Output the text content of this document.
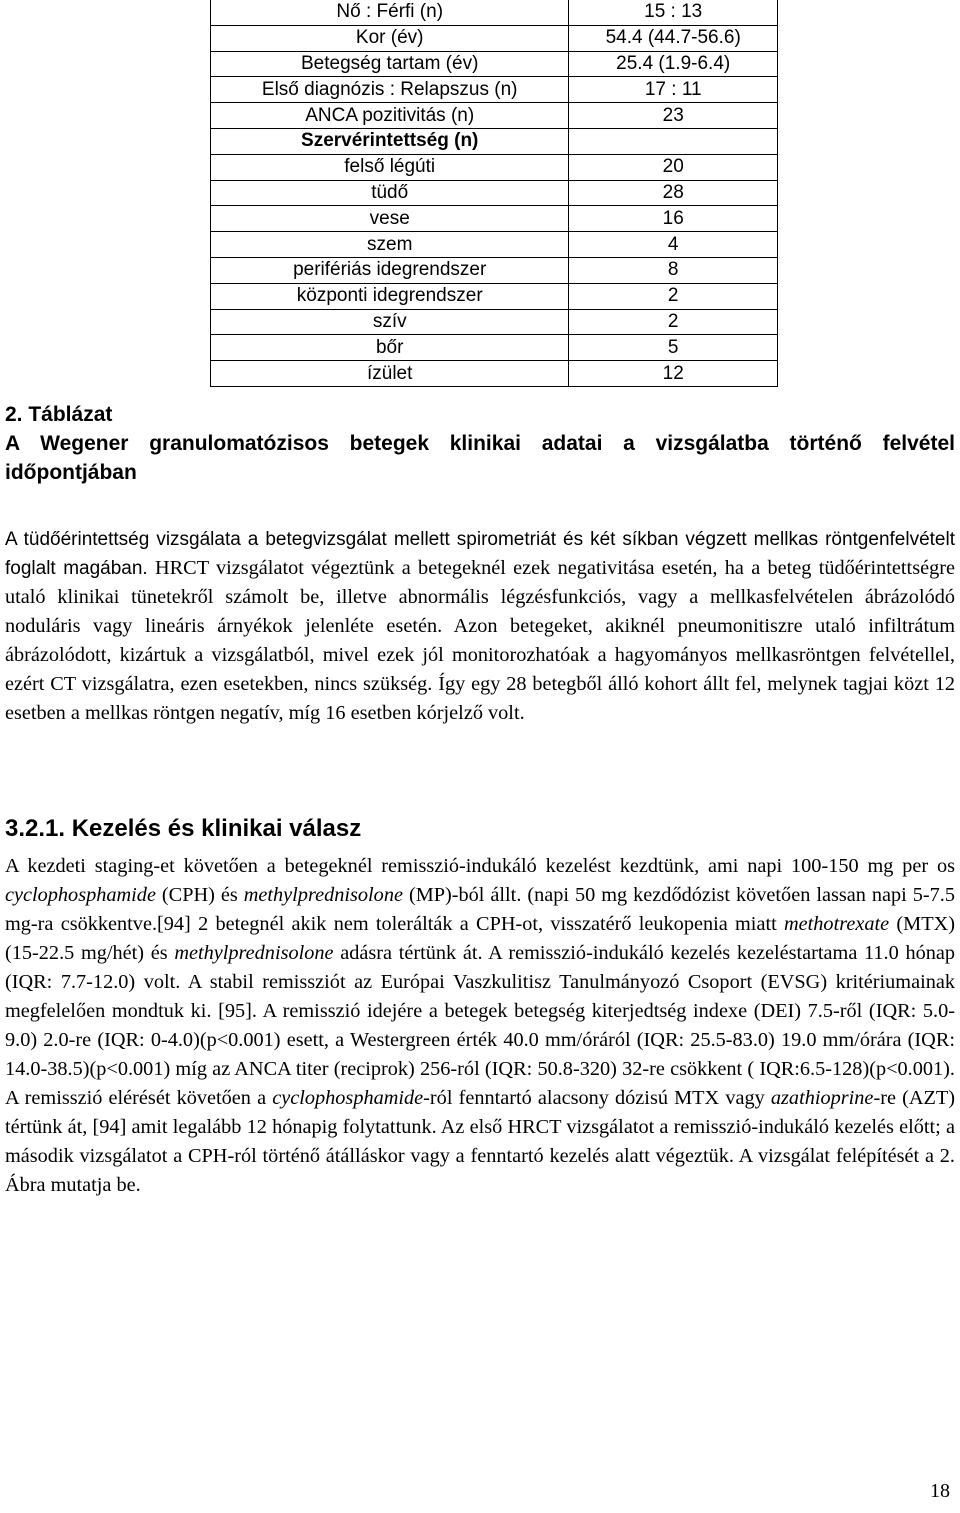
Nő : Férfi (n)	15 : 13
Kor (év)	54.4 (44.7-56.6)
Betegség tartam (év)	25.4 (1.9-6.4)
Első diagnózis : Relapszus (n)	17 : 11
ANCA pozitivitás (n)	23
Szervérintettség (n)	
felső légúti	20
tüdő	28
vese	16
szem	4
perifériás idegrendszer	8
központi idegrendszer	2
szív	2
bőr	5
ízület	12
2. Táblázat
A Wegener granulomatózisos betegek klinikai adatai a vizsgálatba történő felvétel időpontjában

A tüdőérintettség vizsgálata a betegvizsgálat mellett spirometriát és két síkban végzett mellkas röntgenfelvételt foglalt magában. HRCT vizsgálatot végeztünk a betegeknél ezek negativitása esetén, ha a beteg tüdőérintettségre utaló klinikai tünetekről számolt be, illetve abnormális légzésfunkciós, vagy a mellkasfelvételen ábrázolódó noduláris vagy lineáris árnyékok jelenléte esetén. Azon betegeket, akiknél pneumonitiszre utaló infiltrátum ábrázolódott, kizártuk a vizsgálatból, mivel ezek jól monitorozhatóak a hagyományos mellkasröntgen felvétellel, ezért CT vizsgálatra, ezen esetekben, nincs szükség. Így egy 28 betegből álló kohort állt fel, melynek tagjai közt 12 esetben a mellkas röntgen negatív, míg 16 esetben kórjelző volt.

3.2.1. Kezelés és klinikai válasz

A kezdeti staging-et követően a betegeknél remisszió-indukáló kezelést kezdtünk, ami napi 100-150 mg per os cyclophosphamide (CPH) és methylprednisolone (MP)-ból állt. (napi 50 mg kezdődózist követően lassan napi 5-7.5 mg-ra csökkentve.[94] 2 betegnél akik nem tolerálták a CPH-ot, visszatérő leukopenia miatt methotrexate (MTX) (15-22.5 mg/hét) és methylprednisolone adásra tértünk át. A remisszió-indukáló kezelés kezeléstartama 11.0 hónap (IQR: 7.7-12.0) volt. A stabil remissziót az Európai Vaszkulitisz Tanulmányozó Csoport (EVSG) kritériumainak megfelelően mondtuk ki. [95]. A remisszió idejére a betegek betegség kiterjedtség indexe (DEI) 7.5-ről (IQR: 5.0-9.0) 2.0-re (IQR: 0-4.0)(p<0.001) esett, a Westergreen érték 40.0 mm/óráról (IQR: 25.5-83.0) 19.0 mm/órára (IQR: 14.0-38.5)(p<0.001) míg az ANCA titer (reciprok) 256-ról (IQR: 50.8-320) 32-re csökkent ( IQR:6.5-128)(p<0.001). A remisszió elérését követően a cyclophosphamide-ról fenntartó alacsony dózisú MTX vagy azathioprine-re (AZT) tértünk át, [94] amit legalább 12 hónapig folytattunk. Az első HRCT vizsgálatot a remisszió-indukáló kezelés előtt; a második vizsgálatot a CPH-ról történő átálláskor vagy a fenntartó kezelés alatt végeztük. A vizsgálat felépítését a 2. Ábra mutatja be.

18
